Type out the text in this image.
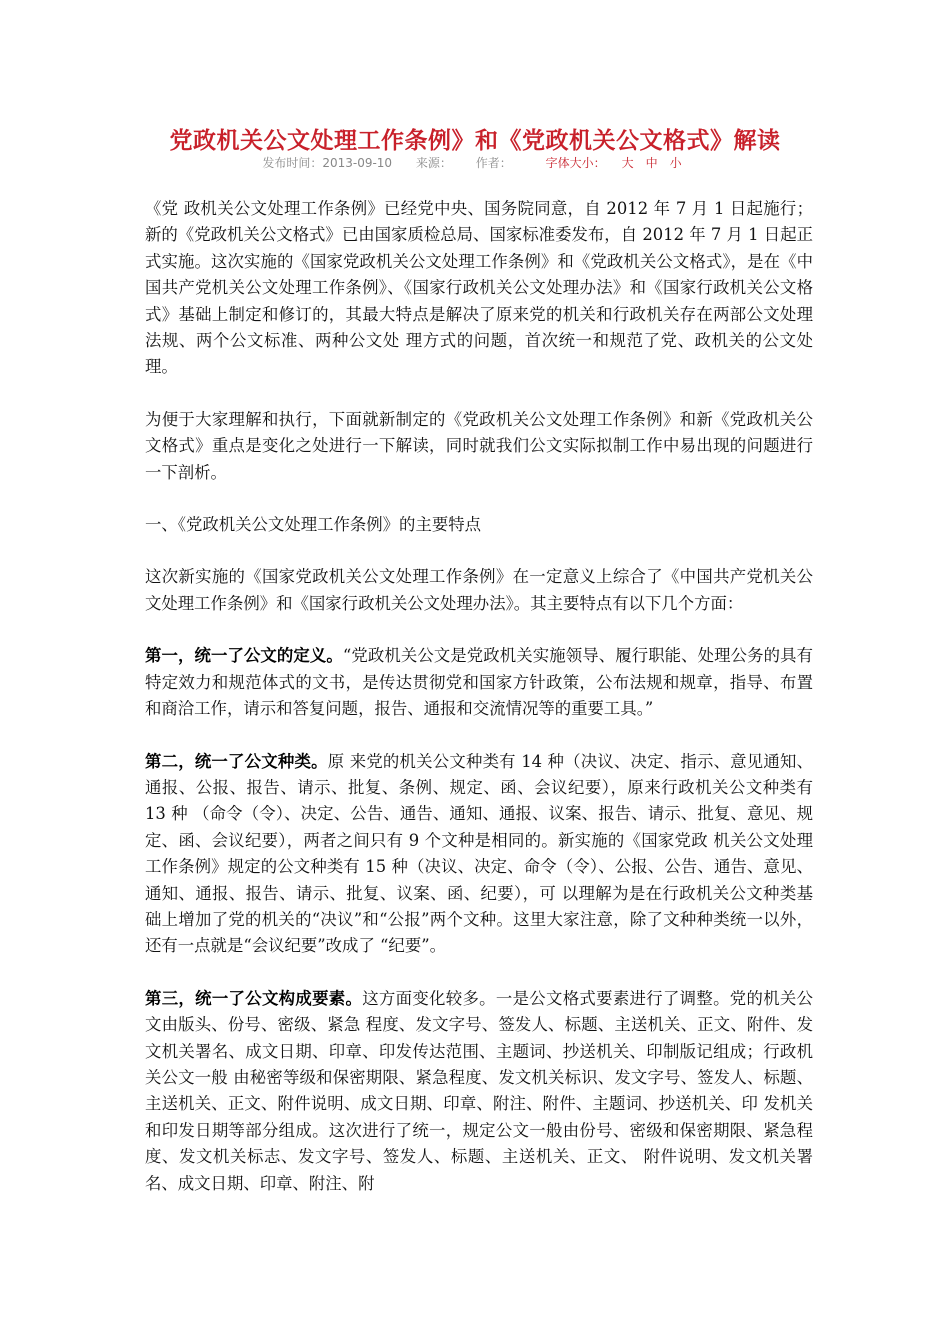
党政机关公文处理工作条例》和《党政机关公文格式》解读
发布时间：2013-09-10 来源： 作者：	字体大小： 大 中 小

《党 政机关公文处理工作条例》已经党中央、国务院同意，自 2012 年 7 月 1 日起施行；新的《党政机关公文格式》已由国家质检总局、国家标准委发布，自 2012 年 7 月 1 日起正式实施。这次实施的《国家党政机关公文处理工作条例》和《党政机关公文格式》，是在《中国共产党机关公文处理工作条例》、《国家行政机关公文处理办法》和《国家行政机关公文格式》基础上制定和修订的，其最大特点是解决了原来党的机关和行政机关存在两部公文处理法规、两个公文标准、两种公文处 理方式的问题，首次统一和规范了党、政机关的公文处理。

为便于大家理解和执行，下面就新制定的《党政机关公文处理工作条例》和新《党政机关公文格式》重点是变化之处进行一下解读，同时就我们公文实际拟制工作中易出现的问题进行一下剖析。

一、《党政机关公文处理工作条例》的主要特点

这次新实施的《国家党政机关公文处理工作条例》在一定意义上综合了《中国共产党机关公文处理工作条例》和《国家行政机关公文处理办法》。其主要特点有以下几个方面：

第一，统一了公文的定义。“党政机关公文是党政机关实施领导、履行职能、处理公务的具有特定效力和规范体式的文书，是传达贯彻党和国家方针政策，公布法规和规章，指导、布置和商洽工作，请示和答复问题，报告、通报和交流情况等的重要工具。”

第二，统一了公文种类。原 来党的机关公文种类有 14 种（决议、决定、指示、意见通知、通报、公报、报告、请示、批复、条例、规定、函、会议纪要），原来行政机关公文种类有 13 种 （命令（令）、决定、公告、通告、通知、通报、议案、报告、请示、批复、意见、规定、函、会议纪要），两者之间只有 9 个文种是相同的。新实施的《国家党政 机关公文处理工作条例》规定的公文种类有 15 种（决议、决定、命令（令）、公报、公告、通告、意见、通知、通报、报告、请示、批复、议案、函、纪要），可 以理解为是在行政机关公文种类基础上增加了党的机关的“决议”和“公报”两个文种。这里大家注意，除了文种种类统一以外，还有一点就是“会议纪要”改成了 “纪要”。

第三，统一了公文构成要素。这方面变化较多。一是公文格式要素进行了调整。党的机关公文由版头、份号、密级、紧急 程度、发文字号、签发人、标题、主送机关、正文、附件、发文机关署名、成文日期、印章、印发传达范围、主题词、抄送机关、印制版记组成；行政机关公文一般 由秘密等级和保密期限、紧急程度、发文机关标识、发文字号、签发人、标题、主送机关、正文、附件说明、成文日期、印章、附注、附件、主题词、抄送机关、印 发机关和印发日期等部分组成。这次进行了统一，规定公文一般由份号、密级和保密期限、紧急程度、发文机关标志、发文字号、签发人、标题、主送机关、正文、 附件说明、发文机关署名、成文日期、印章、附注、附
